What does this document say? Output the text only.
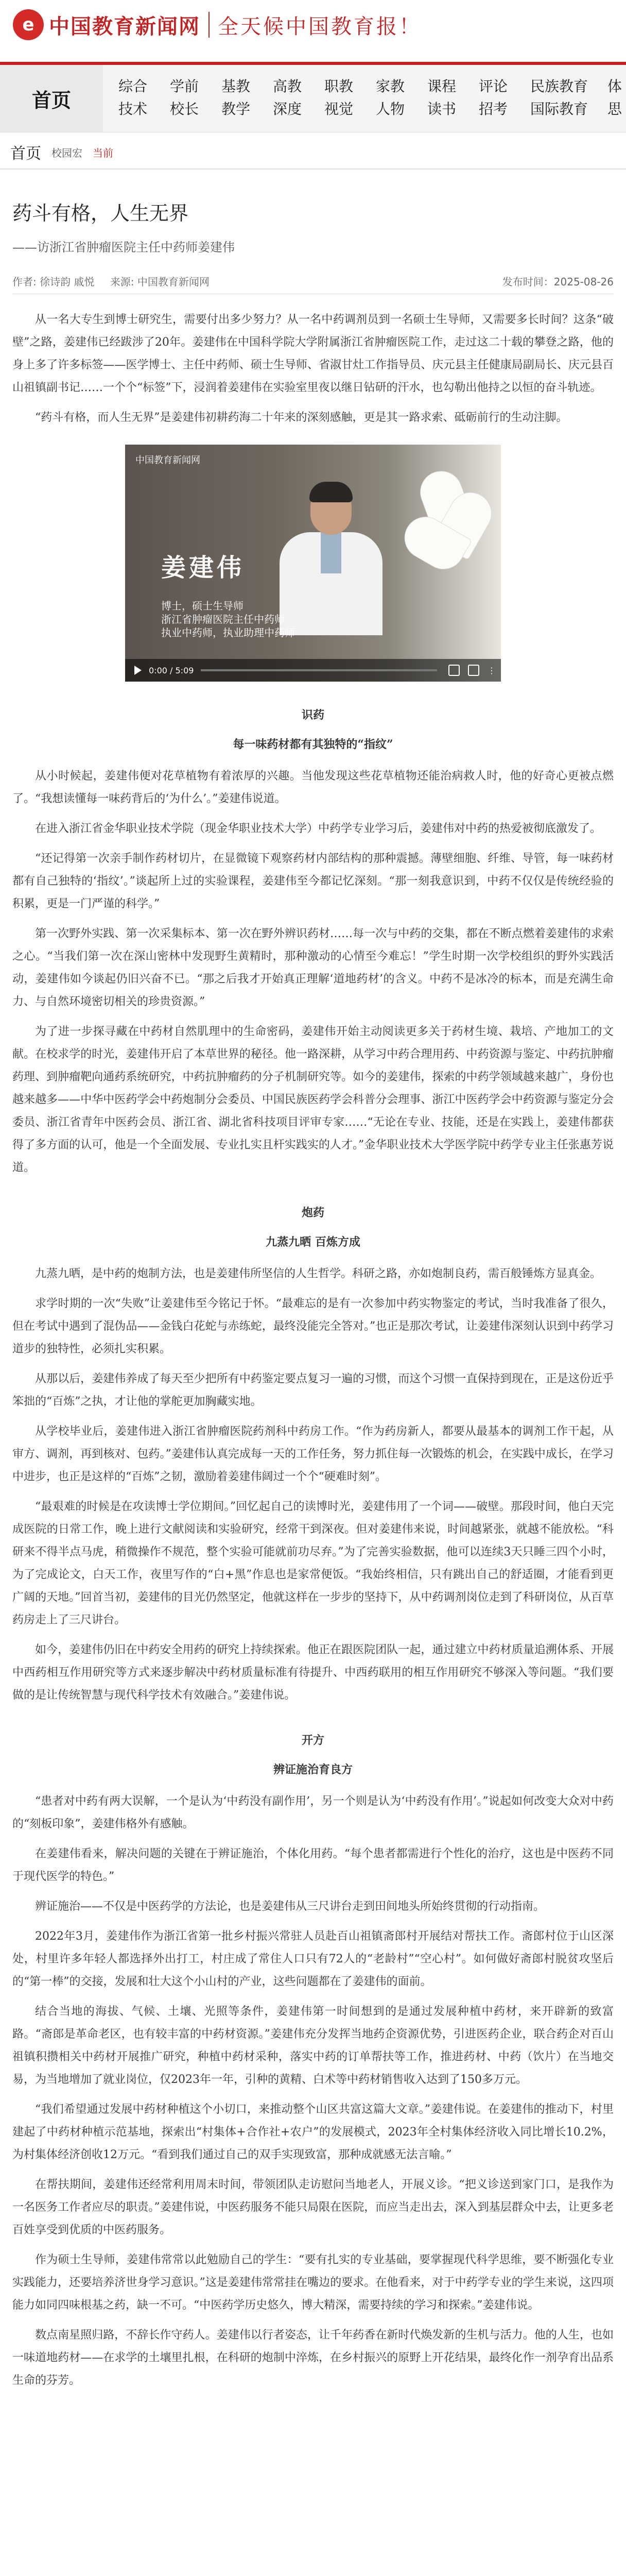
e 中国教育新闻网 全天候中国教育报！
首页
综合
技术
学前
校长
基教
教学
高教
深度
职教
视觉
家教
人物
课程
读书
评论
招考
民族教育
国际教育
体
思
首页 校园宏 当前
药斗有格，人生无界
——访浙江省肿瘤医院主任中药师姜建伟
作者: 徐诗韵 戚悦 来源: 中国教育新闻网	发布时间：2025-08-26

从一名大专生到博士研究生，需要付出多少努力？从一名中药调剂员到一名硕士生导师，又需要多长时间？这条“破壁”之路，姜建伟已经跋涉了20年。姜建伟在中国科学院大学附属浙江省肿瘤医院工作，走过这二十载的攀登之路，他的身上多了许多标签——医学博士、主任中药师、硕士生导师、省淑甘灶工作指导员、庆元县主任健康局副局长、庆元县百山祖镇副书记……一个个“标签”下，浸润着姜建伟在实验室里夜以继日钻研的汗水，也勾勒出他持之以恒的奋斗轨迹。

“药斗有格，而人生无界”是姜建伟初耕药海二十年来的深刻感触，更是其一路求索、砥砺前行的生动注脚。

中国教育新闻网
姜建伟
博士，硕士生导师
浙江省肿瘤医院主任中药师
执业中药师，执业助理中药师
0:00 / 5:09	⋮
识药
每一味药材都有其独特的“指纹”

从小时候起，姜建伟便对花草植物有着浓厚的兴趣。当他发现这些花草植物还能治病救人时，他的好奇心更被点燃了。“我想读懂每一味药背后的‘为什么’。”姜建伟说道。

在进入浙江省金华职业技术学院（现金华职业技术大学）中药学专业学习后，姜建伟对中药的热爱被彻底激发了。

“还记得第一次亲手制作药材切片，在显微镜下观察药材内部结构的那种震撼。薄壁细胞、纤维、导管，每一味药材都有自己独特的‘指纹’。”谈起所上过的实验课程，姜建伟至今都记忆深刻。“那一刻我意识到，中药不仅仅是传统经验的积累，更是一门严谨的科学。”

第一次野外实践、第一次采集标本、第一次在野外辨识药材……每一次与中药的交集，都在不断点燃着姜建伟的求索之心。“当我们第一次在深山密林中发现野生黄精时，那种激动的心情至今难忘！”学生时期一次学校组织的野外实践活动，姜建伟如今谈起仍旧兴奋不已。“那之后我才开始真正理解‘道地药材’的含义。中药不是冰冷的标本，而是充满生命力、与自然环境密切相关的珍贵资源。”

为了进一步探寻藏在中药材自然肌理中的生命密码，姜建伟开始主动阅读更多关于药材生境、栽培、产地加工的文献。在校求学的时光，姜建伟开启了本草世界的秘径。他一路深耕，从学习中药合理用药、中药资源与鉴定、中药抗肿瘤药理、到肿瘤靶向通药系统研究，中药抗肿瘤药的分子机制研究等。如今的姜建伟，探索的中药学领域越来越广，身份也越来越多——中华中医药学会中药炮制分会委员、中国民族医药学会科普分会理事、浙江中医药学会中药资源与鉴定分会委员、浙江省青年中医药会员、浙江省、湖北省科技项目评审专家……“无论在专业、技能，还是在实践上，姜建伟都获得了多方面的认可，他是一个全面发展、专业扎实且杆实践实的人才。”金华职业技术大学医学院中药学专业主任张惠芳说道。

炮药
九蒸九晒 百炼方成

九蒸九晒，是中药的炮制方法，也是姜建伟所坚信的人生哲学。科研之路，亦如炮制良药，需百般锤炼方显真金。

求学时期的一次“失败”让姜建伟至今铭记于怀。“最难忘的是有一次参加中药实物鉴定的考试，当时我准备了很久，但在考试中遇到了混伪品——金钱白花蛇与赤练蛇，最终没能完全答对。”也正是那次考试，让姜建伟深刻认识到中药学习道步的独特性，必须扎实积累。

从那以后，姜建伟养成了每天至少把所有中药鉴定要点复习一遍的习惯，而这个习惯一直保持到现在，正是这份近乎笨拙的“百炼”之执，才让他的掌舵更加胸藏实地。

从学校毕业后，姜建伟进入浙江省肿瘤医院药剂科中药房工作。“作为药房新人，都要从最基本的调剂工作干起，从审方、调剂，再到核对、包药。”姜建伟认真完成每一天的工作任务，努力抓住每一次锻炼的机会，在实践中成长，在学习中进步，也正是这样的“百炼”之韧，激励着姜建伟阔过一个个“硬难时刻”。

“最艰难的时候是在攻读博士学位期间。”回忆起自己的读博时光，姜建伟用了一个词——破壁。那段时间，他白天完成医院的日常工作，晚上进行文献阅读和实验研究，经常干到深夜。但对姜建伟来说，时间越紧张，就越不能放松。“科研来不得半点马虎，稍微操作不规范，整个实验可能就前功尽弃。”为了完善实验数据，他可以连续3天只睡三四个小时，为了完成论文，白天工作，夜里写作的“白+黑”作息也是家常便饭。“我始终相信，只有跳出自己的舒适圈，才能看到更广阔的天地。”回首当初，姜建伟的目光仍然坚定，他就这样在一步步的坚持下，从中药调剂岗位走到了科研岗位，从百草药房走上了三尺讲台。

如今，姜建伟仍旧在中药安全用药的研究上持续探索。他正在跟医院团队一起，通过建立中药材质量追溯体系、开展中西药相互作用研究等方式来逐步解决中药材质量标准有待提升、中西药联用的相互作用研究不够深入等问题。“我们要做的是让传统智慧与现代科学技术有效融合。”姜建伟说。

开方
辨证施治育良方

“患者对中药有两大误解，一个是认为‘中药没有副作用’，另一个则是认为‘中药没有作用’。”说起如何改变大众对中药的“刻板印象”，姜建伟格外有感触。

在姜建伟看来，解决问题的关键在于辨证施治，个体化用药。“每个患者都需进行个性化的治疗，这也是中医药不同于现代医学的特色。”

辨证施治——不仅是中医药学的方法论，也是姜建伟从三尺讲台走到田间地头所始终贯彻的行动指南。

2022年3月，姜建伟作为浙江省第一批乡村振兴常驻人员赴百山祖镇斋郎村开展结对帮扶工作。斋郎村位于山区深处，村里许多年轻人都选择外出打工，村庄成了常住人口只有72人的“老龄村”“空心村”。如何做好斋郎村脱贫攻坚后的“第一棒”的交接，发展和壮大这个小山村的产业，这些问题都在了姜建伟的面前。

结合当地的海拔、气候、土壤、光照等条件，姜建伟第一时间想到的是通过发展种植中药材，来开辟新的致富路。“斋郎是革命老区，也有较丰富的中药材资源。”姜建伟充分发挥当地药企资源优势，引进医药企业，联合药企对百山祖镇积攒相关中药材开展推广研究，种植中药材采种，落实中药的订单帮扶等工作，推进药材、中药（饮片）在当地交易，为当地增加了就业岗位，仅2023年一年，引种的黄精、白术等中药材销售收入达到了150多万元。

“我们希望通过发展中药材种植这个小切口，来推动整个山区共富这篇大文章。”姜建伟说。在姜建伟的推动下，村里建起了中药材种植示范基地，探索出“村集体+合作社+农户”的发展模式，2023年全村集体经济收入同比增长10.2%，为村集体经济创收12万元。“看到我们通过自己的双手实现致富，那种成就感无法言喻。”

在帮扶期间，姜建伟还经常利用周末时间，带领团队走访慰问当地老人，开展义诊。“把义诊送到家门口，是我作为一名医务工作者应尽的职责。”姜建伟说，中医药服务不能只局限在医院，而应当走出去，深入到基层群众中去，让更多老百姓享受到优质的中医药服务。

作为硕士生导师，姜建伟常常以此勉励自己的学生：“要有扎实的专业基础，要掌握现代科学思维，要不断强化专业实践能力，还要培养济世身学习意识。”这是姜建伟常常挂在嘴边的要求。在他看来，对于中药学专业的学生来说，这四项能力如同四味根基之药，缺一不可。“中医药学历史悠久，博大精深，需要持续的学习和探索。”姜建伟说。

数点南星照归路，不辞长作守药人。姜建伟以行者姿态，让千年药香在新时代焕发新的生机与活力。他的人生，也如一味道地药材——在求学的土壤里扎根，在科研的炮制中淬炼，在乡村振兴的原野上开花结果，最终化作一剂孕育出品系生命的芬芳。
